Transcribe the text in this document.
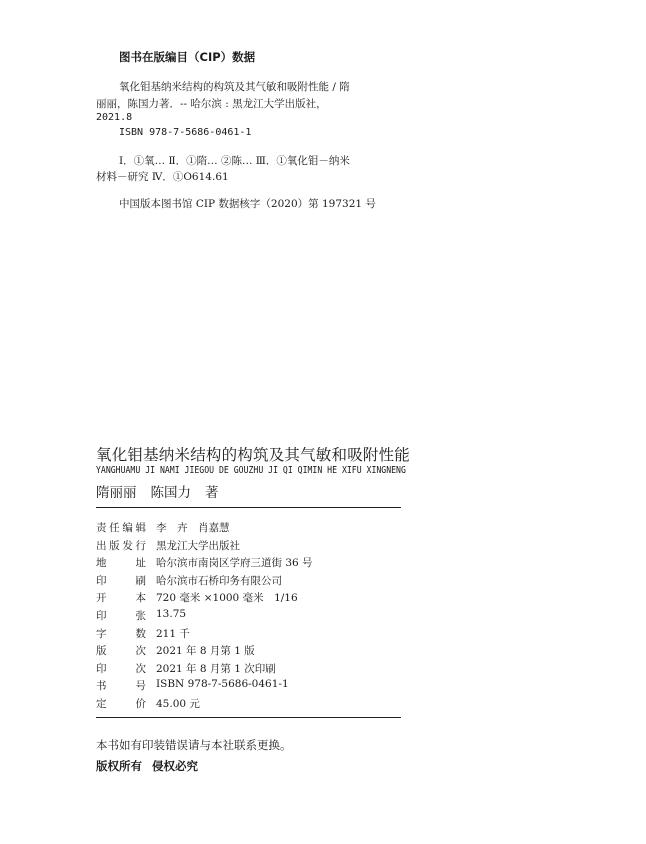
图书在版编目（CIP）数据
氧化钼基纳米结构的构筑及其气敏和吸附性能 / 隋
丽丽，陈国力著．-- 哈尔滨 : 黑龙江大学出版社，
2021.8
ISBN 978-7-5686-0461-1
Ⅰ．①氧… Ⅱ．①隋… ②陈… Ⅲ．①氧化钼－纳米
材料－研究 Ⅳ．①O614.61
中国版本图书馆 CIP 数据核字（2020）第 197321 号
氧化钼基纳米结构的构筑及其气敏和吸附性能
YANGHUAMU JI NAMI JIEGOU DE GOUZHU JI QI QIMIN HE XIFU XINGNENG
隋丽丽 陈国力 著
责 任 编 辑 李　卉　肖嘉慧
出 版 发 行 黑龙江大学出版社
地	址 哈尔滨市南岗区学府三道街 36 号
印	刷 哈尔滨市石桥印务有限公司
开	本 720 毫米 ×1000 毫米　1/16
印	张 13.75
字	数 211 千
版	次 2021 年 8 月第 1 版
印	次 2021 年 8 月第 1 次印刷
书	号 ISBN 978-7-5686-0461-1
定	价 45.00 元
本书如有印装错误请与本社联系更换。
版权所有 侵权必究
